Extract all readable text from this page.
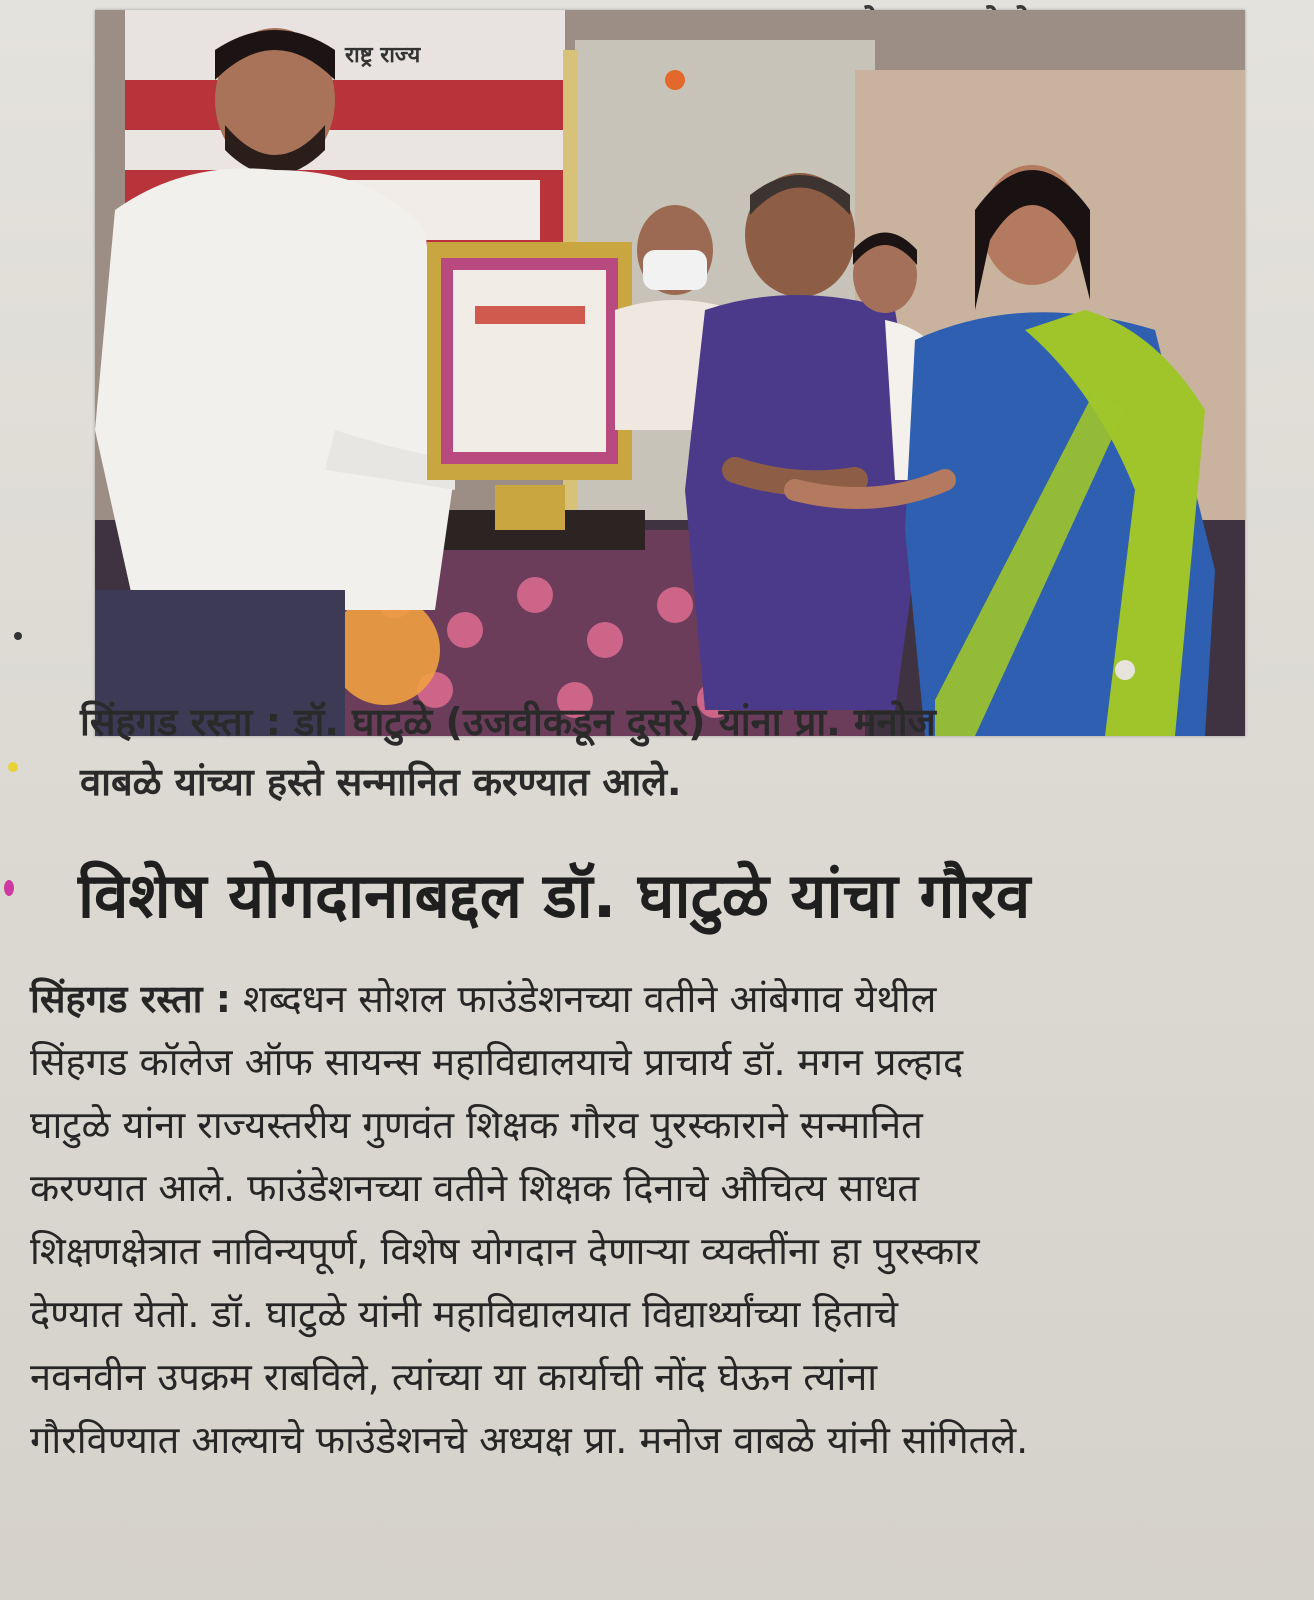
राष्ट्र राज्य
सिंहगड रस्ता : डॉ. घाटुळे (उजवीकडून दुसरे) यांना प्रा. मनोज
वाबळे यांच्या हस्ते सन्मानित करण्यात आले.
विशेष योगदानाबद्दल डॉ. घाटुळे यांचा गौरव
सिंहगड रस्ता : शब्दधन सोशल फाउंडेशनच्या वतीने आंबेगाव येथील
सिंहगड कॉलेज ऑफ सायन्स महाविद्यालयाचे प्राचार्य डॉ. मगन प्रल्हाद
घाटुळे यांना राज्यस्तरीय गुणवंत शिक्षक गौरव पुरस्काराने सन्मानित
करण्यात आले. फाउंडेशनच्या वतीने शिक्षक दिनाचे औचित्य साधत
शिक्षणक्षेत्रात नाविन्यपूर्ण, विशेष योगदान देणाऱ्या व्यक्तींना हा पुरस्कार
देण्यात येतो. डॉ. घाटुळे यांनी महाविद्यालयात विद्यार्थ्यांच्या हिताचे
नवनवीन उपक्रम राबविले, त्यांच्या या कार्याची नोंद घेऊन त्यांना
गौरविण्यात आल्याचे फाउंडेशनचे अध्यक्ष प्रा. मनोज वाबळे यांनी सांगितले.
